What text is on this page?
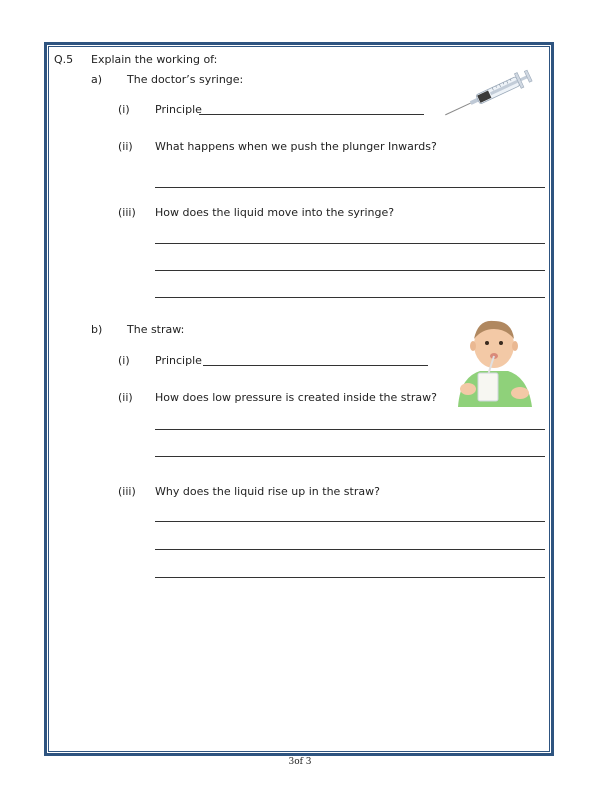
Q.5 Explain the working of:
a) The doctor’s syringe:
(i) Principle
(ii) What happens when we push the plunger Inwards?
(iii) How does the liquid move into the syringe?
b) The straw:
(i) Principle
(ii) How does low pressure is created inside the straw?
(iii) Why does the liquid rise up in the straw?
3of 3
